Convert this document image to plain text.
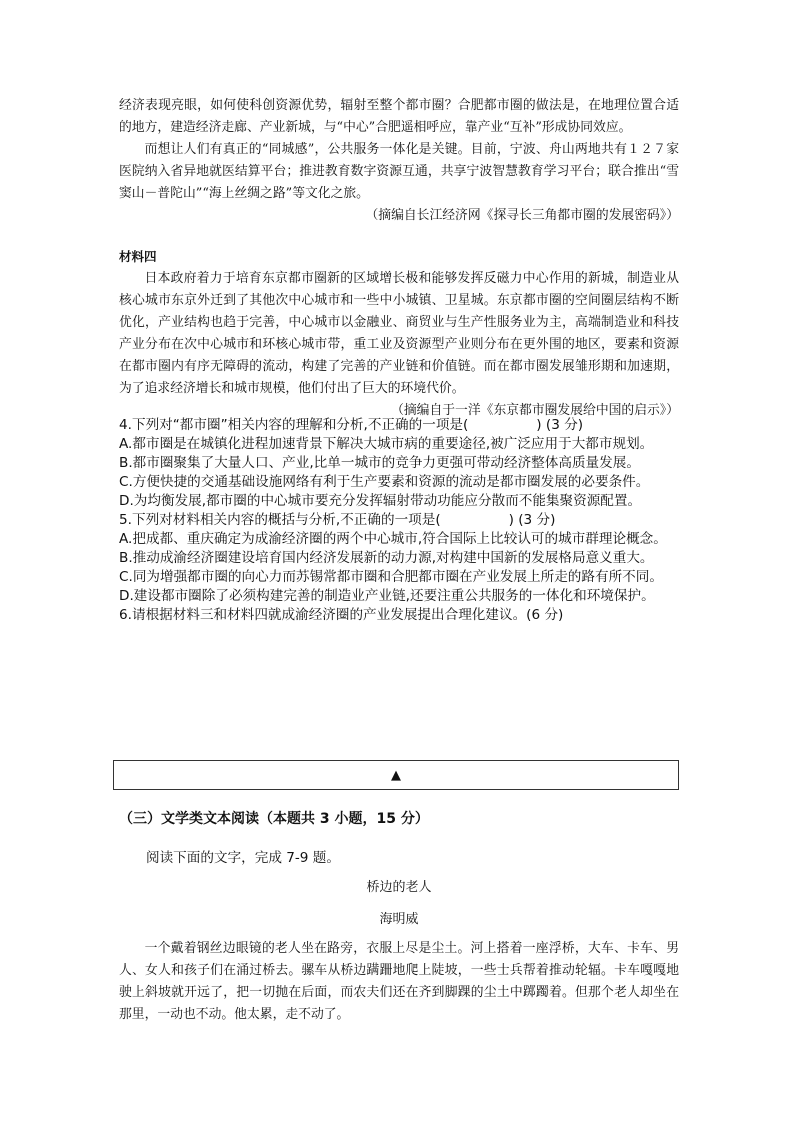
经济表现亮眼，如何使科创资源优势，辐射至整个都市圈？合肥都市圈的做法是，在地理位置合适的地方，建造经济走廊、产业新城，与“中心”合肥遥相呼应，靠产业“互补”形成协同效应。

而想让人们有真正的“同城感”，公共服务一体化是关键。目前，宁波、舟山两地共有１２７家医院纳入省异地就医结算平台；推进教育数字资源互通，共享宁波智慧教育学习平台；联合推出“雪窦山－普陀山”“海上丝绸之路”等文化之旅。

（摘编自长江经济网《探寻长三角都市圈的发展密码》）

材料四

日本政府着力于培育东京都市圈新的区域增长极和能够发挥反磁力中心作用的新城，制造业从核心城市东京外迁到了其他次中心城市和一些中小城镇、卫星城。东京都市圈的空间圈层结构不断优化，产业结构也趋于完善，中心城市以金融业、商贸业与生产性服务业为主，高端制造业和科技产业分布在次中心城市和环核心城市带，重工业及资源型产业则分布在更外围的地区，要素和资源在都市圈内有序无障碍的流动，构建了完善的产业链和价值链。而在都市圈发展雏形期和加速期，为了追求经济增长和城市规模，他们付出了巨大的环境代价。

（摘编自于一洋《东京都市圈发展给中国的启示》）

4.下列对“都市圈”相关内容的理解和分析,不正确的一项是(　　　　　) (3 分)

A.都市圈是在城镇化进程加速背景下解决大城市病的重要途径,被广泛应用于大都市规划。

B.都市圈聚集了大量人口、产业,比单一城市的竞争力更强可带动经济整体高质量发展。

C.方便快捷的交通基础设施网络有利于生产要素和资源的流动是都市圈发展的必要条件。

D.为均衡发展,都市圈的中心城市要充分发挥辐射带动功能应分散而不能集聚资源配置。

5.下列对材料相关内容的概括与分析,不正确的一项是(　　　　　) (3 分)

A.把成都、重庆确定为成渝经济圈的两个中心城市,符合国际上比较认可的城市群理论概念。

B.推动成渝经济圈建设培育国内经济发展新的动力源,对构建中国新的发展格局意义重大。

C.同为增强都市圈的向心力而苏锡常都市圈和合肥都市圈在产业发展上所走的路有所不同。

D.建设都市圈除了必须构建完善的制造业产业链,还要注重公共服务的一体化和环境保护。

6.请根据材料三和材料四就成渝经济圈的产业发展提出合理化建议。(6 分)

▲
（三）文学类文本阅读（本题共 3 小题，15 分）
阅读下面的文字，完成 7-9 题。
桥边的老人
海明威

一个戴着钢丝边眼镜的老人坐在路旁，衣服上尽是尘土。河上搭着一座浮桥，大车、卡车、男人、女人和孩子们在涌过桥去。骡车从桥边蹒跚地爬上陡坡，一些士兵帮着推动轮辐。卡车嘎嘎地驶上斜坡就开远了，把一切抛在后面，而农夫们还在齐到脚踝的尘土中踯躅着。但那个老人却坐在那里，一动也不动。他太累，走不动了。
